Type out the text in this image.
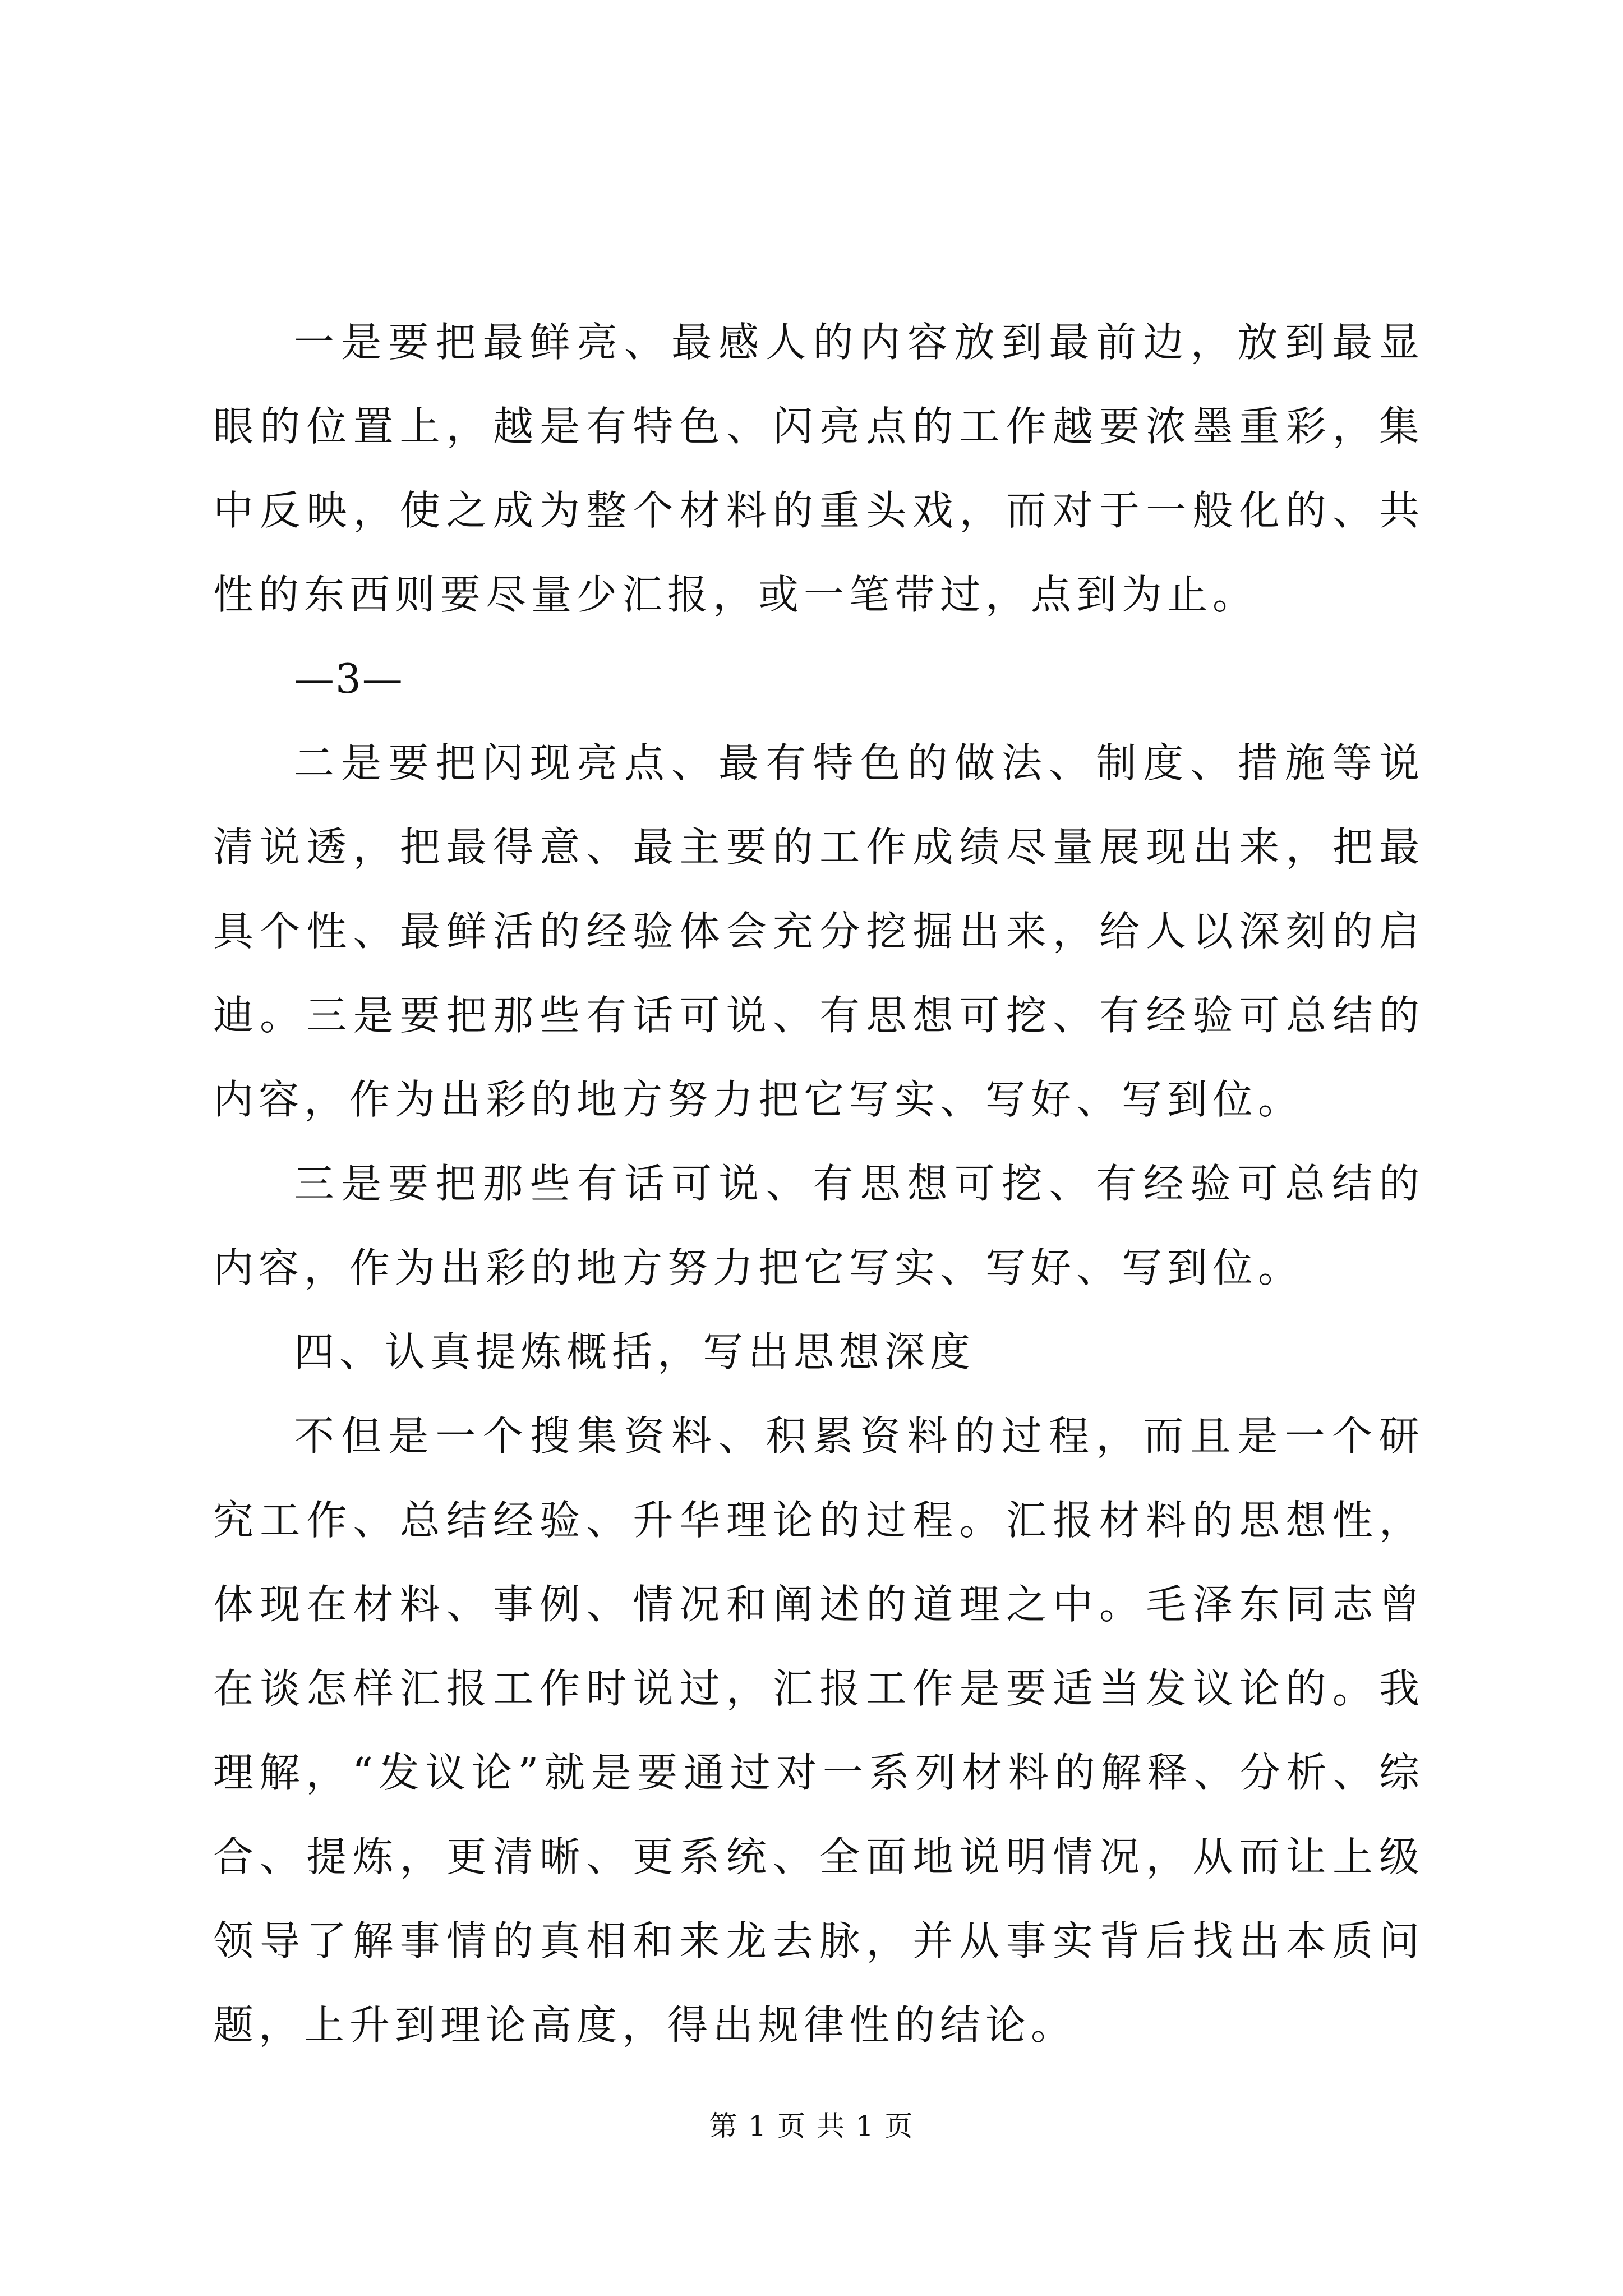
一是要把最鲜亮、最感人的内容放到最前边，放到最显眼的位置上，越是有特色、闪亮点的工作越要浓墨重彩，集中反映，使之成为整个材料的重头戏，而对于一般化的、共性的东西则要尽量少汇报，或一笔带过，点到为止。

—3—

二是要把闪现亮点、最有特色的做法、制度、措施等说清说透，把最得意、最主要的工作成绩尽量展现出来，把最具个性、最鲜活的经验体会充分挖掘出来，给人以深刻的启迪。三是要把那些有话可说、有思想可挖、有经验可总结的内容，作为出彩的地方努力把它写实、写好、写到位。

三是要把那些有话可说、有思想可挖、有经验可总结的内容，作为出彩的地方努力把它写实、写好、写到位。

四、认真提炼概括，写出思想深度

不但是一个搜集资料、积累资料的过程，而且是一个研究工作、总结经验、升华理论的过程。汇报材料的思想性，体现在材料、事例、情况和阐述的道理之中。毛泽东同志曾在谈怎样汇报工作时说过，汇报工作是要适当发议论的。我理解，“发议论”就是要通过对一系列材料的解释、分析、综合、提炼，更清晰、更系统、全面地说明情况，从而让上级领导了解事情的真相和来龙去脉，并从事实背后找出本质问题，上升到理论高度，得出规律性的结论。

第 1 页 共 1 页
